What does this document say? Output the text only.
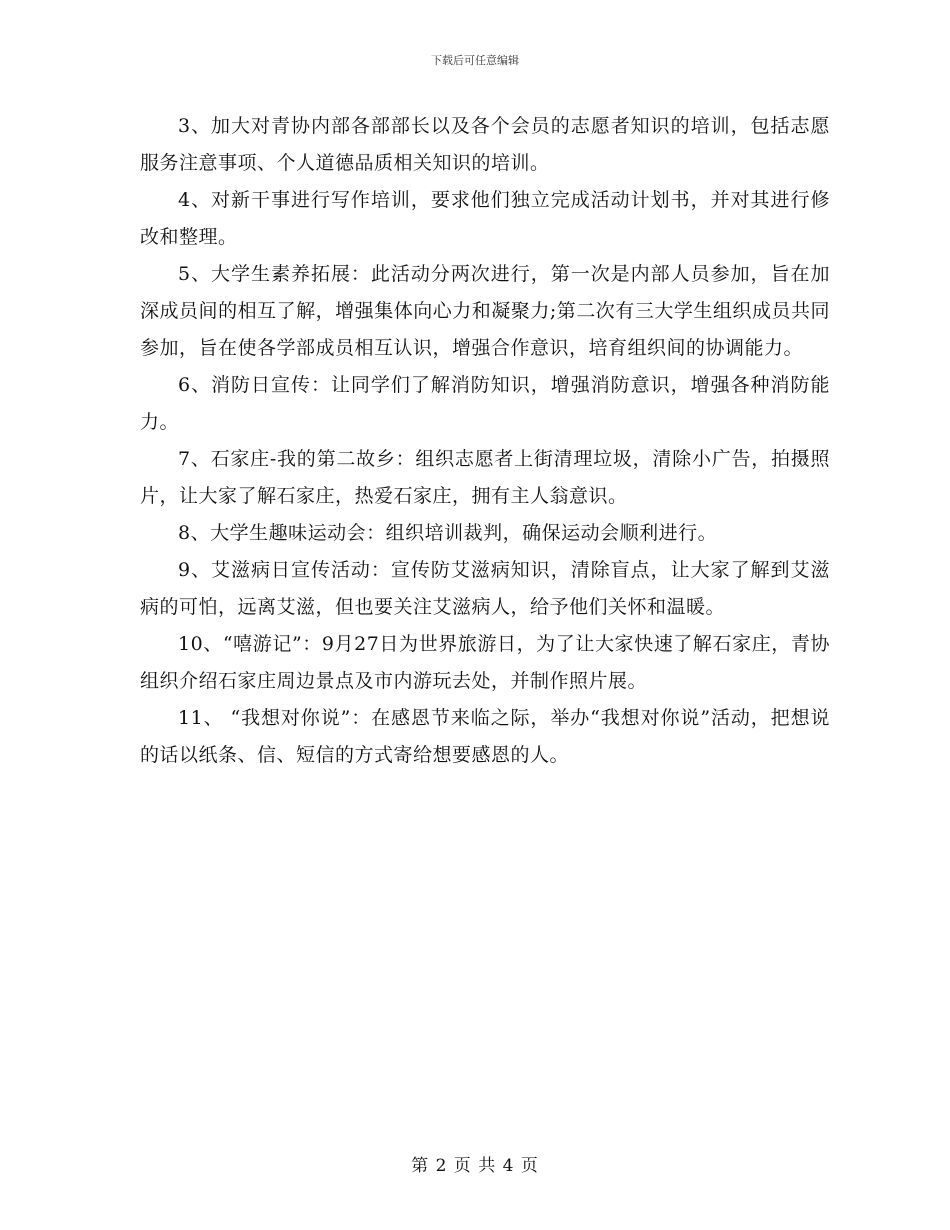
下载后可任意编辑

3、加大对青协内部各部部长以及各个会员的志愿者知识的培训，包括志愿服务注意事项、个人道德品质相关知识的培训。

4、对新干事进行写作培训，要求他们独立完成活动计划书，并对其进行修改和整理。

5、大学生素养拓展：此活动分两次进行，第一次是内部人员参加，旨在加深成员间的相互了解，增强集体向心力和凝聚力;第二次有三大学生组织成员共同参加，旨在使各学部成员相互认识，增强合作意识，培育组织间的协调能力。

6、消防日宣传：让同学们了解消防知识，增强消防意识，增强各种消防能力。

7、石家庄-我的第二故乡：组织志愿者上街清理垃圾，清除小广告，拍摄照片，让大家了解石家庄，热爱石家庄，拥有主人翁意识。

8、大学生趣味运动会：组织培训裁判，确保运动会顺利进行。

9、艾滋病日宣传活动：宣传防艾滋病知识，清除盲点，让大家了解到艾滋病的可怕，远离艾滋，但也要关注艾滋病人，给予他们关怀和温暖。

10、“嘻游记”：9月27日为世界旅游日，为了让大家快速了解石家庄，青协组织介绍石家庄周边景点及市内游玩去处，并制作照片展。

11、 “我想对你说”：在感恩节来临之际，举办“我想对你说”活动，把想说的话以纸条、信、短信的方式寄给想要感恩的人。

第 2 页 共 4 页
